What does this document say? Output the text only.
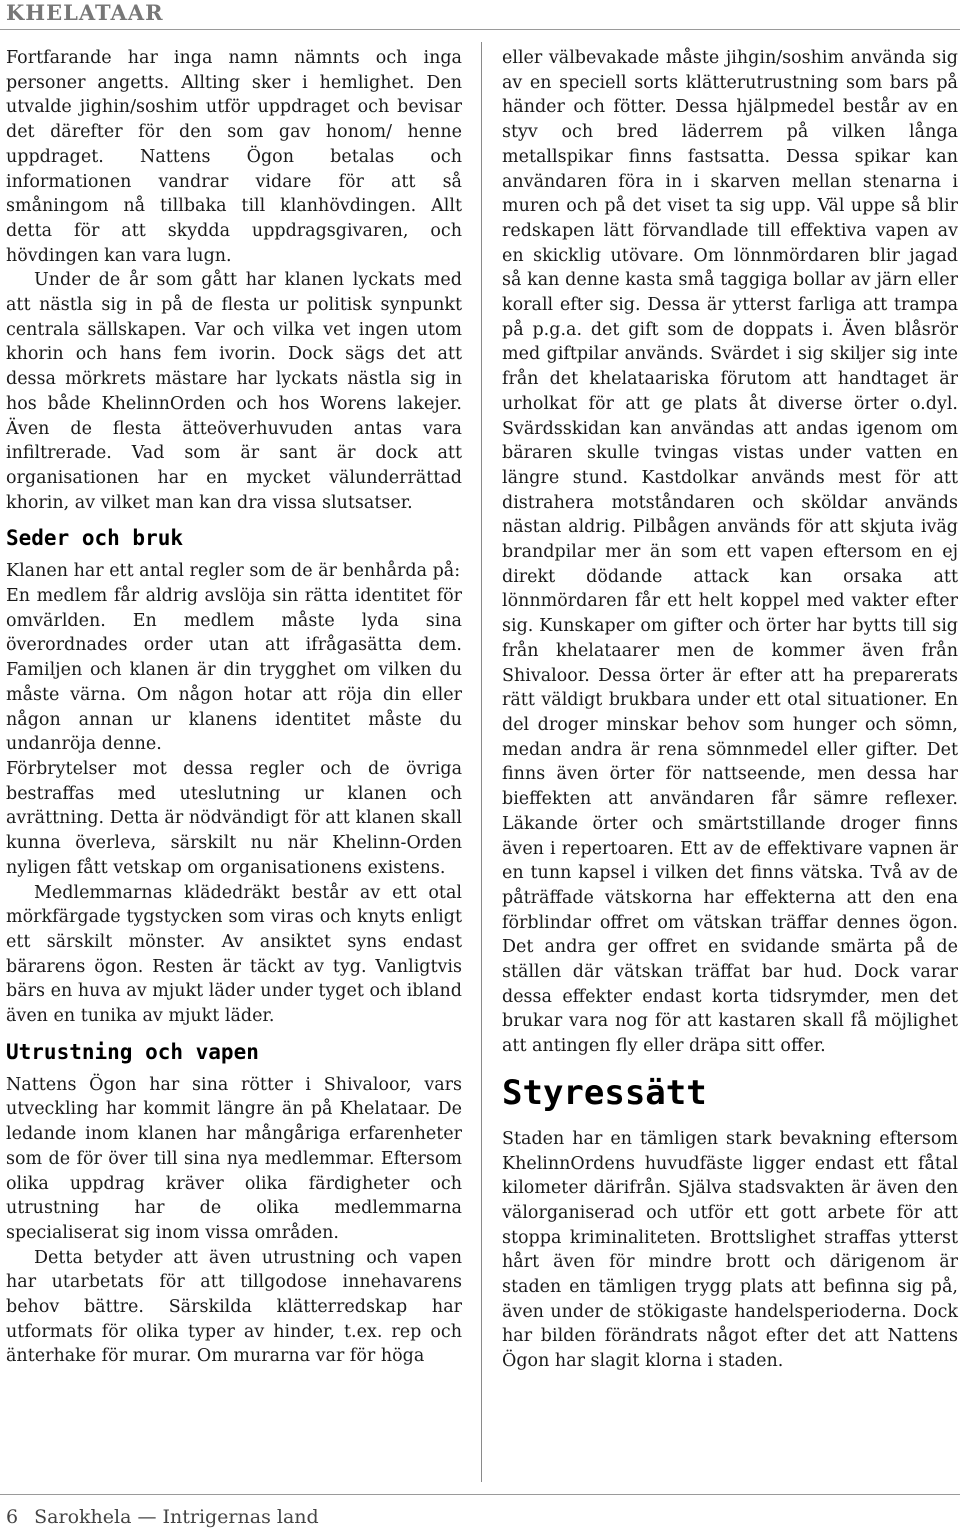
KHELATAAR

Fortfarande har inga namn nämnts och inga personer angetts. Allting sker i hemlighet. Den utvalde jighin/soshim utför uppdraget och bevisar det därefter för den som gav honom/ henne uppdraget. Nattens Ögon betalas och informationen vandrar vidare för att så småningom nå tillbaka till klanhövdingen. Allt detta för att skydda uppdragsgivaren, och hövdingen kan vara lugn.

Under de år som gått har klanen lyckats med att nästla sig in på de flesta ur politisk synpunkt centrala sällskapen. Var och vilka vet ingen utom khorin och hans fem ivorin. Dock sägs det att dessa mörkrets mästare har lyckats nästla sig in hos både KhelinnOrden och hos Worens lakejer. Även de flesta ätteöverhuvuden antas vara infiltrerade. Vad som är sant är dock att organisationen har en mycket välunderrättad khorin, av vilket man kan dra vissa slutsatser.

Seder och bruk

Klanen har ett antal regler som de är benhårda på:

En medlem får aldrig avslöja sin rätta identitet för omvärlden. En medlem måste lyda sina överordnades order utan att ifrågasätta dem. Familjen och klanen är din trygghet om vilken du måste värna. Om någon hotar att röja din eller någon annan ur klanens identitet måste du undanröja denne.

Förbrytelser mot dessa regler och de övriga bestraffas med uteslutning ur klanen och avrättning. Detta är nödvändigt för att klanen skall kunna överleva, särskilt nu när Khelinn-Orden nyligen fått vetskap om organisationens existens.

Medlemmarnas klädedräkt består av ett otal mörkfärgade tygstycken som viras och knyts enligt ett särskilt mönster. Av ansiktet syns endast bärarens ögon. Resten är täckt av tyg. Vanligtvis bärs en huva av mjukt läder under tyget och ibland även en tunika av mjukt läder.

Utrustning och vapen

Nattens Ögon har sina rötter i Shivaloor, vars utveckling har kommit längre än på Khelataar. De ledande inom klanen har mångåriga erfarenheter som de för över till sina nya medlemmar. Eftersom olika uppdrag kräver olika färdigheter och utrustning har de olika medlemmarna specialiserat sig inom vissa områden.

Detta betyder att även utrustning och vapen har utarbetats för att tillgodose innehavarens behov bättre. Särskilda klätterredskap har utformats för olika typer av hinder, t.ex. rep och änterhake för murar. Om murarna var för höga

eller välbevakade måste jihgin/soshim använda sig av en speciell sorts klätterutrustning som bars på händer och fötter. Dessa hjälpmedel består av en styv och bred läderrem på vilken långa metallspikar finns fastsatta. Dessa spikar kan användaren föra in i skarven mellan stenarna i muren och på det viset ta sig upp. Väl uppe så blir redskapen lätt förvandlade till effektiva vapen av en skicklig utövare. Om lönnmördaren blir jagad så kan denne kasta små taggiga bollar av järn eller korall efter sig. Dessa är ytterst farliga att trampa på p.g.a. det gift som de doppats i. Även blåsrör med giftpilar används. Svärdet i sig skiljer sig inte från det khelataariska förutom att handtaget är urholkat för att ge plats åt diverse örter o.dyl. Svärdsskidan kan användas att andas igenom om bäraren skulle tvingas vistas under vatten en längre stund. Kastdolkar används mest för att distrahera motståndaren och sköldar används nästan aldrig. Pilbågen används för att skjuta iväg brandpilar mer än som ett vapen eftersom en ej direkt dödande attack kan orsaka att lönnmördaren får ett helt koppel med vakter efter sig. Kunskaper om gifter och örter har bytts till sig från khelataarer men de kommer även från Shivaloor. Dessa örter är efter att ha preparerats rätt väldigt brukbara under ett otal situationer. En del droger minskar behov som hunger och sömn, medan andra är rena sömnmedel eller gifter. Det finns även örter för nattseende, men dessa har bieffekten att användaren får sämre reflexer. Läkande örter och smärtstillande droger finns även i repertoaren. Ett av de effektivare vapnen är en tunn kapsel i vilken det finns vätska. Två av de påträffade vätskorna har effekterna att den ena förblindar offret om vätskan träffar dennes ögon. Det andra ger offret en svidande smärta på de ställen där vätskan träffat bar hud. Dock varar dessa effekter endast korta tidsrymder, men det brukar vara nog för att kastaren skall få möjlighet att antingen fly eller dräpa sitt offer.

Styressätt

Staden har en tämligen stark bevakning eftersom KhelinnOrdens huvudfäste ligger endast ett fåtal kilometer därifrån. Själva stadsvakten är även den välorganiserad och utför ett gott arbete för att stoppa kriminaliteten. Brottslighet straffas ytterst hårt även för mindre brott och därigenom är staden en tämligen trygg plats att befinna sig på, även under de stökigaste handelsperioderna. Dock har bilden förändrats något efter det att Nattens Ögon har slagit klorna i staden.

6 Sarokhela — Intrigernas land
